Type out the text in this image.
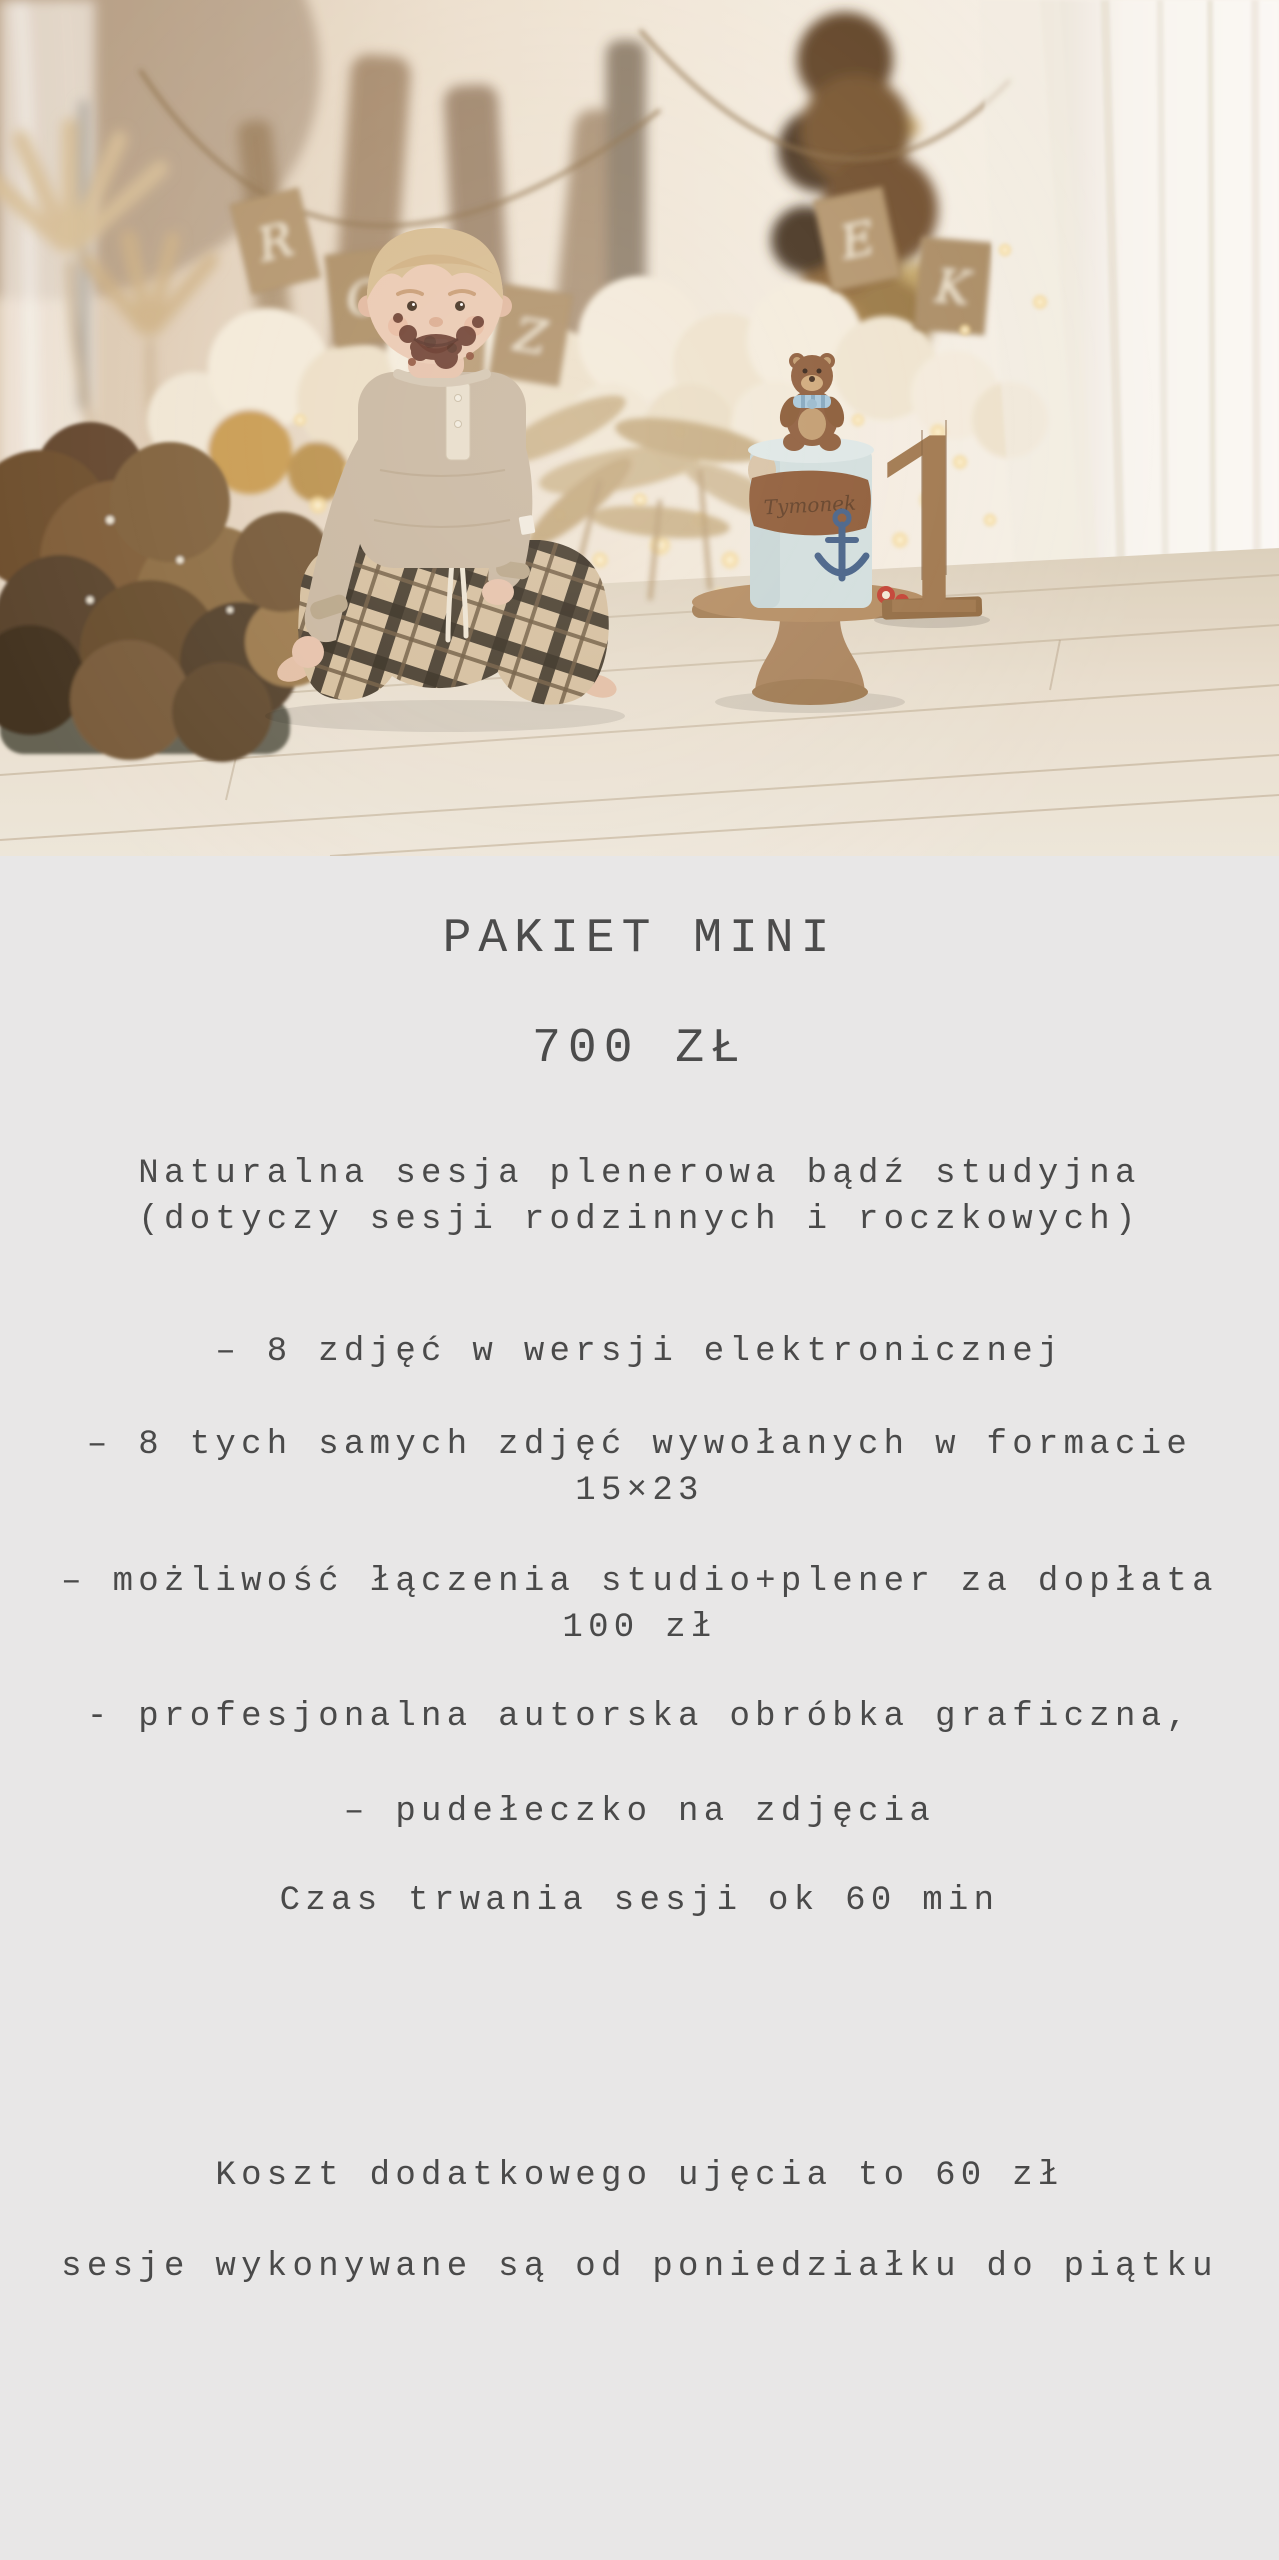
PAKIET MINI
700 ZŁ

Naturalna sesja plenerowa bądź studyjna
(dotyczy sesji rodzinnych i roczkowych)

– 8 zdjęć w wersji elektronicznej
– 8 tych samych zdjęć wywołanych w formacie 15×23
– możliwość łączenia studio+plener za dopłata 100 zł
- profesjonalna autorska obróbka graficzna,
– pudełeczko na zdjęcia
Czas trwania sesji ok 60 min
Koszt dodatkowego ujęcia to 60 zł
sesje wykonywane są od poniedziałku do piątku
